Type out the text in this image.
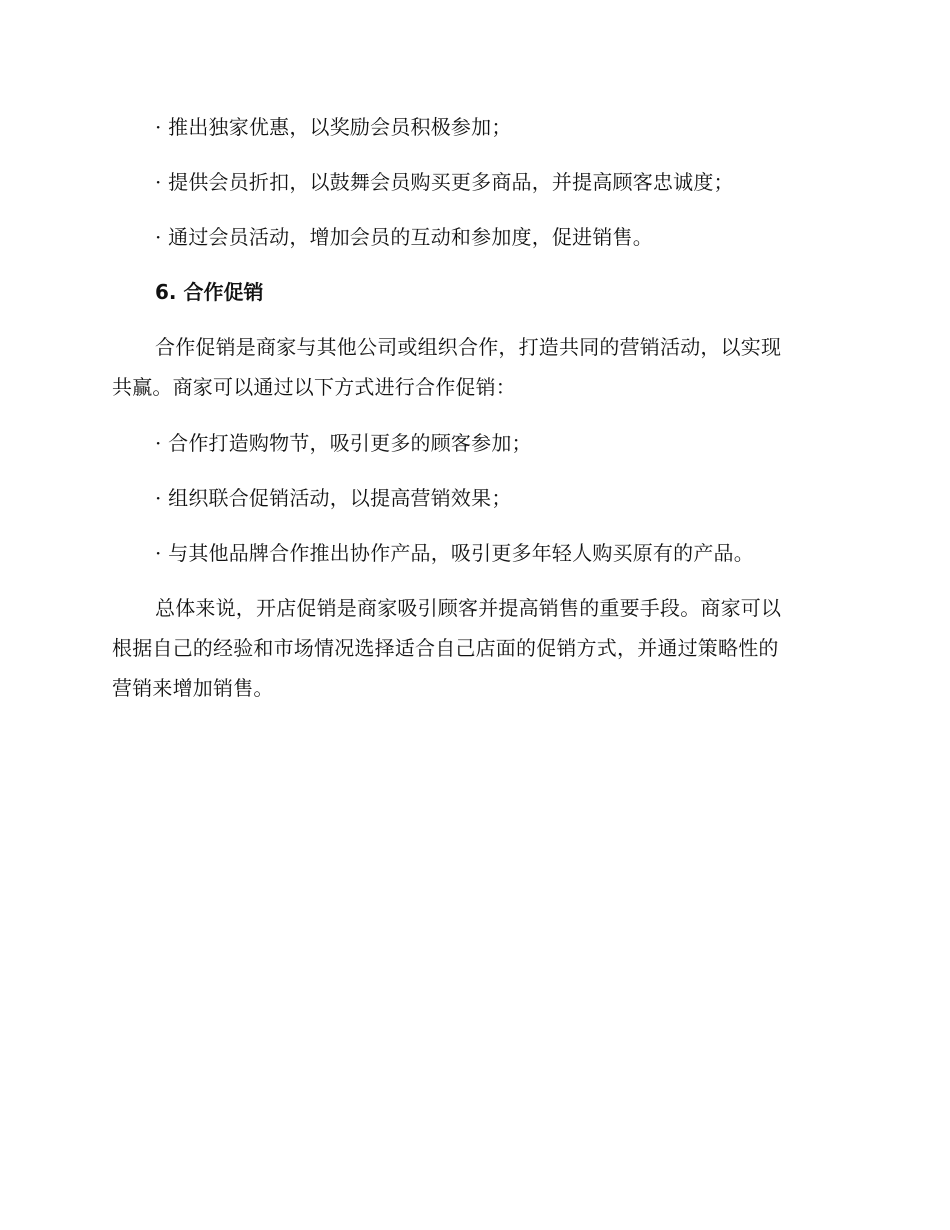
· 推出独家优惠，以奖励会员积极参加；
· 提供会员折扣，以鼓舞会员购买更多商品，并提高顾客忠诚度；
· 通过会员活动，增加会员的互动和参加度，促进销售。
6. 合作促销
合作促销是商家与其他公司或组织合作，打造共同的营销活动，以实现
共赢。商家可以通过以下方式进行合作促销：
· 合作打造购物节，吸引更多的顾客参加；
· 组织联合促销活动，以提高营销效果；
· 与其他品牌合作推出协作产品，吸引更多年轻人购买原有的产品。
总体来说，开店促销是商家吸引顾客并提高销售的重要手段。商家可以
根据自己的经验和市场情况选择适合自己店面的促销方式，并通过策略性的
营销来增加销售。
